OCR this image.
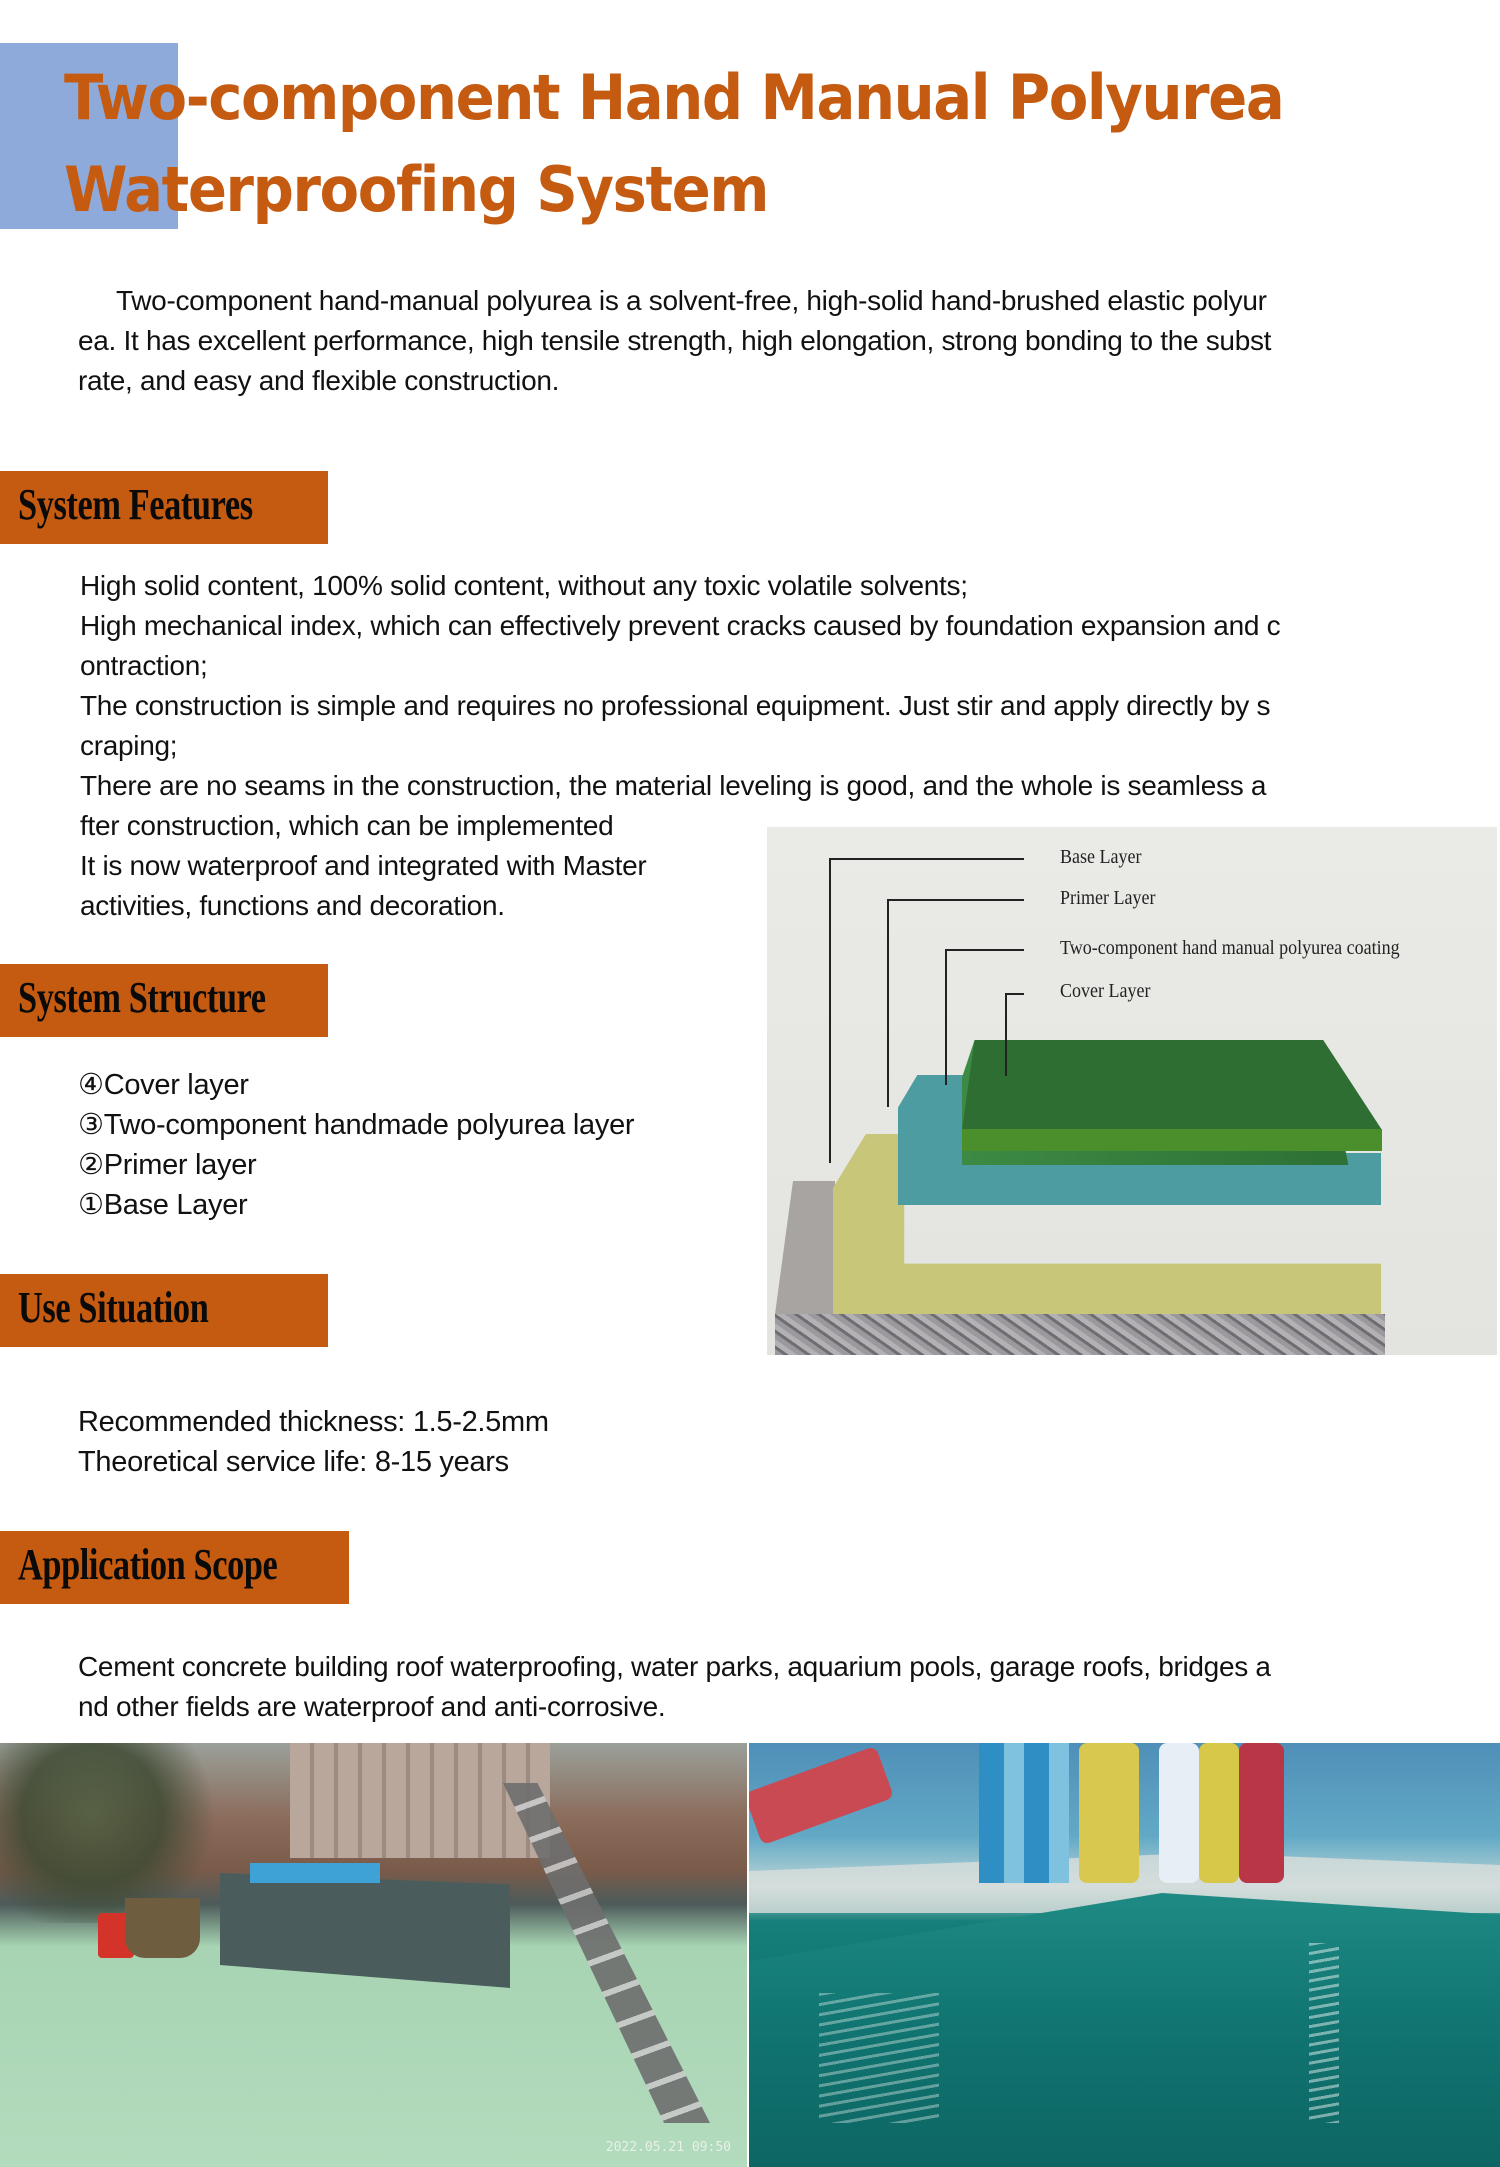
Two-component Hand Manual Polyurea
Waterproofing System
Two-component hand-manual polyurea is a solvent-free, high-solid hand-brushed elastic polyur
ea. It has excellent performance, high tensile strength, high elongation, strong bonding to the subst
rate, and easy and flexible construction.
System Features
High solid content, 100% solid content, without any toxic volatile solvents;
High mechanical index, which can effectively prevent cracks caused by foundation expansion and c
ontraction;
The construction is simple and requires no professional equipment. Just stir and apply directly by s
craping;
There are no seams in the construction, the material leveling is good, and the whole is seamless a
fter construction, which can be implemented
It is now waterproof and integrated with Master
activities, functions and decoration.
Base Layer
Primer Layer
Two-component hand manual polyurea coating
Cover Layer
System Structure
④Cover layer
③Two-component handmade polyurea layer
②Primer layer
①Base Layer
Use Situation
Recommended thickness: 1.5-2.5mm
Theoretical service life: 8-15 years
Application Scope
Cement concrete building roof waterproofing, water parks, aquarium pools, garage roofs, bridges a
nd other fields are waterproof and anti-corrosive.
2022.05.21 09:50
